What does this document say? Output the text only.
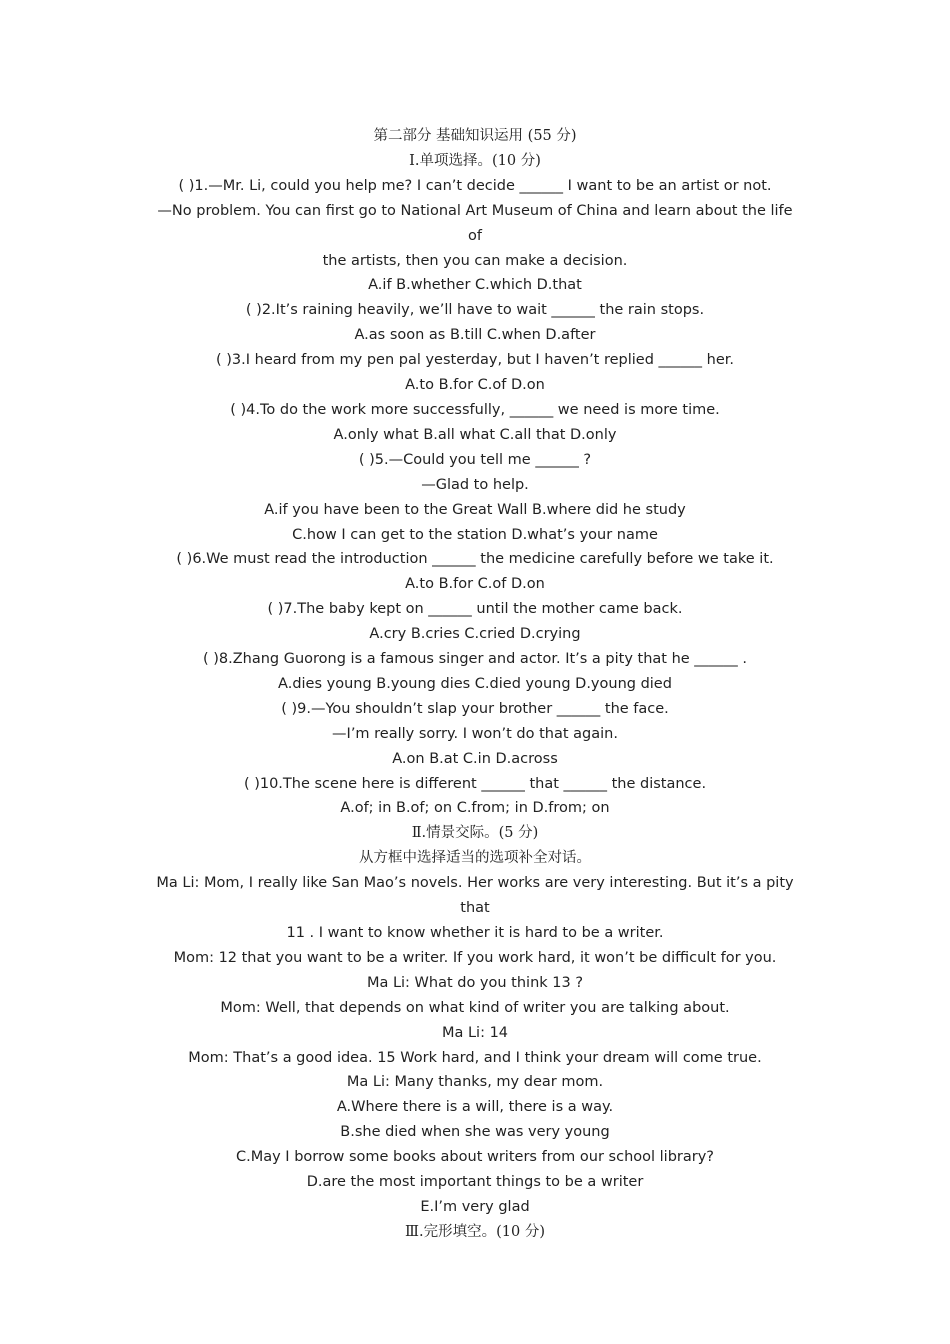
第二部分 基础知识运用 (55 分)

Ⅰ.单项选择。(10 分)

( )1.—Mr. Li, could you help me? I can’t decide ______ I want to be an artist or not.

—No problem. You can first go to National Art Museum of China and learn about the life of

the artists, then you can make a decision.

A.if B.whether C.which D.that

( )2.It’s raining heavily, we’ll have to wait ______ the rain stops.

A.as soon as B.till C.when D.after

( )3.I heard from my pen pal yesterday, but I haven’t replied ______ her.

A.to B.for C.of D.on

( )4.To do the work more successfully, ______ we need is more time.

A.only what B.all what C.all that D.only

( )5.—Could you tell me ______ ?

—Glad to help.

A.if you have been to the Great Wall B.where did he study

C.how I can get to the station D.what’s your name

( )6.We must read the introduction ______ the medicine carefully before we take it.

A.to B.for C.of D.on

( )7.The baby kept on ______ until the mother came back.

A.cry B.cries C.cried D.crying

( )8.Zhang Guorong is a famous singer and actor. It’s a pity that he ______ .

A.dies young B.young dies C.died young D.young died

( )9.—You shouldn’t slap your brother ______ the face.

—I’m really sorry. I won’t do that again.

A.on B.at C.in D.across

( )10.The scene here is different ______ that ______ the distance.

A.of; in B.of; on C.from; in D.from; on

Ⅱ.情景交际。(5 分)

从方框中选择适当的选项补全对话。

Ma Li: Mom, I really like San Mao’s novels. Her works are very interesting. But it’s a pity

that

11 . I want to know whether it is hard to be a writer.

Mom: 12 that you want to be a writer. If you work hard, it won’t be difficult for you.

Ma Li: What do you think 13 ?

Mom: Well, that depends on what kind of writer you are talking about.

Ma Li: 14

Mom: That’s a good idea. 15 Work hard, and I think your dream will come true.

Ma Li: Many thanks, my dear mom.

A.Where there is a will, there is a way.

B.she died when she was very young

C.May I borrow some books about writers from our school library?

D.are the most important things to be a writer

E.I’m very glad

Ⅲ.完形填空。(10 分)
